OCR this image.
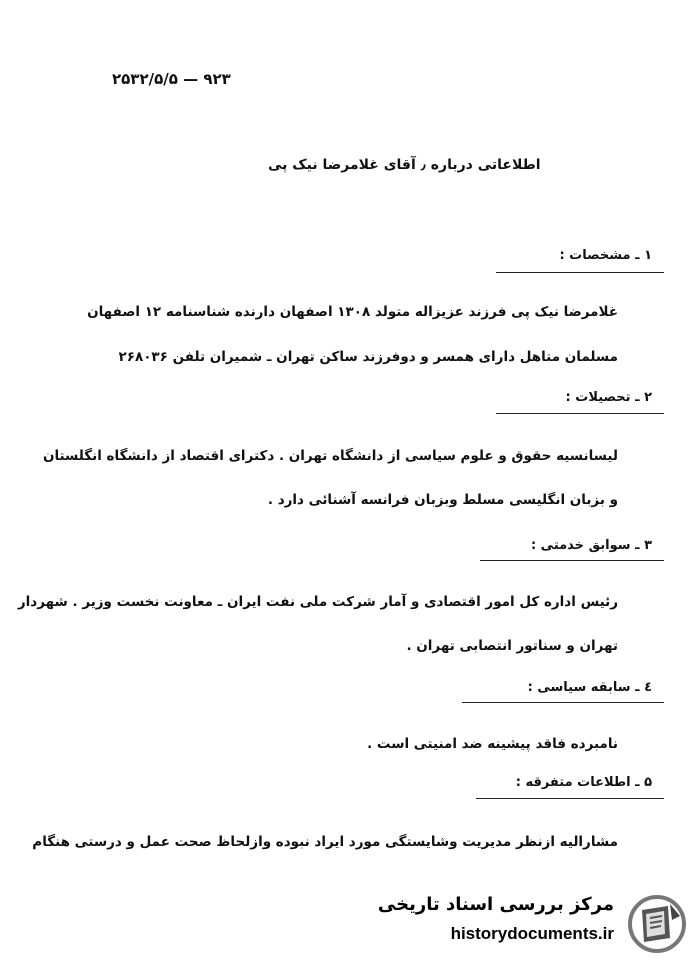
۲۵۳۲/۵/۵ — ۹۲۳
اطلاعاتی درباره ٫ آقای غلامرضا نیک پی
۱ ـ مشخصات :
غلامرضا نیک پی فرزند عزیزاله متولد ۱۳۰۸ اصفهان دارنده شناسنامه ۱۲ اصفهان
مسلمان متاهل دارای همسر و دوفرزند ساکن تهران ـ شمیران تلفن ۲۶۸۰۳۶
۲ ـ تحصیلات :
لیسانسیه حقوق و علوم سیاسی از دانشگاه تهران . دکترای اقتصاد از دانشگاه انگلستان
و بزبان انگلیسی مسلط وبزبان فرانسه آشنائی دارد .
۳ ـ سوابق خدمتی :
رئیس اداره کل امور اقتصادی و آمار شرکت ملی نفت ایران ـ معاونت نخست وزیر . شهردار
تهران و سناتور انتصابی تهران .
٤ ـ سابقه سیاسی :
نامبرده فاقد پیشینه ضد امنیتی است .
۵ ـ اطلاعات متفرقه :
مشارالیه ازنظر مدیریت وشایستگی مورد ایراد نبوده وازلحاظ صحت عمل و درستی هنگام
مرکز بررسی اسناد تاریخی
historydocuments.ir
